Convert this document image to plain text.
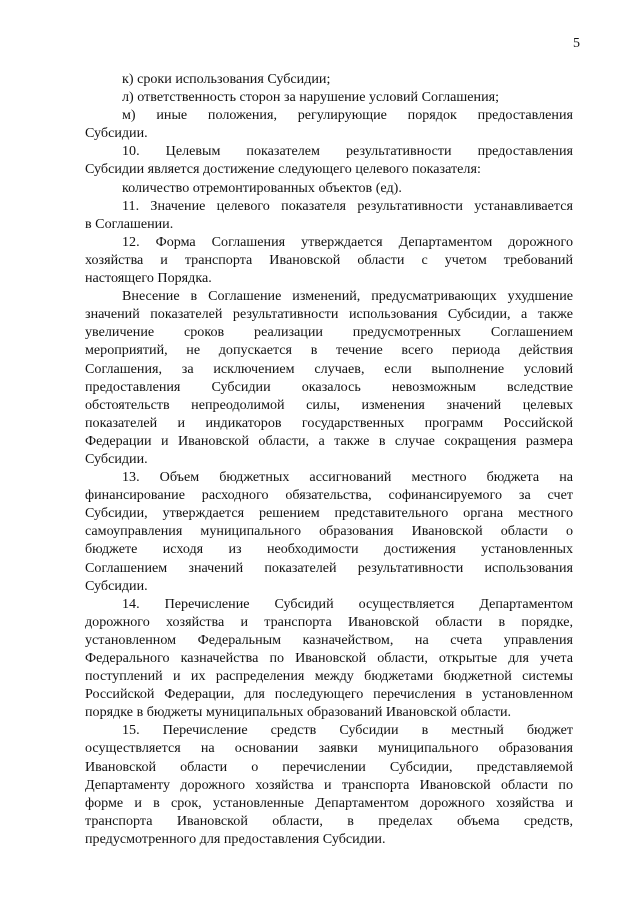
5
к) сроки использования Субсидии;
л) ответственность сторон за нарушение условий Соглашения;
м) иные положения, регулирующие порядок предоставления
Субсидии.
10. Целевым показателем результативности предоставления
Субсидии является достижение следующего целевого показателя:
количество отремонтированных объектов (ед).
11. Значение целевого показателя результативности устанавливается
в Соглашении.
12. Форма Соглашения утверждается Департаментом дорожного
хозяйства и транспорта Ивановской области с учетом требований
настоящего Порядка.
Внесение в Соглашение изменений, предусматривающих ухудшение
значений показателей результативности использования Субсидии, а также
увеличение сроков реализации предусмотренных Соглашением
мероприятий, не допускается в течение всего периода действия
Соглашения, за исключением случаев, если выполнение условий
предоставления Субсидии оказалось невозможным вследствие
обстоятельств непреодолимой силы, изменения значений целевых
показателей и индикаторов государственных программ Российской
Федерации и Ивановской области, а также в случае сокращения размера
Субсидии.
13. Объем бюджетных ассигнований местного бюджета на
финансирование расходного обязательства, софинансируемого за счет
Субсидии, утверждается решением представительного органа местного
самоуправления муниципального образования Ивановской области о
бюджете исходя из необходимости достижения установленных
Соглашением значений показателей результативности использования
Субсидии.
14. Перечисление Субсидий осуществляется Департаментом
дорожного хозяйства и транспорта Ивановской области в порядке,
установленном Федеральным казначейством, на счета управления
Федерального казначейства по Ивановской области, открытые для учета
поступлений и их распределения между бюджетами бюджетной системы
Российской Федерации, для последующего перечисления в установленном
порядке в бюджеты муниципальных образований Ивановской области.
15. Перечисление средств Субсидии в местный бюджет
осуществляется на основании заявки муниципального образования
Ивановской области о перечислении Субсидии, представляемой
Департаменту дорожного хозяйства и транспорта Ивановской области по
форме и в срок, установленные Департаментом дорожного хозяйства и
транспорта Ивановской области, в пределах объема средств,
предусмотренного для предоставления Субсидии.
